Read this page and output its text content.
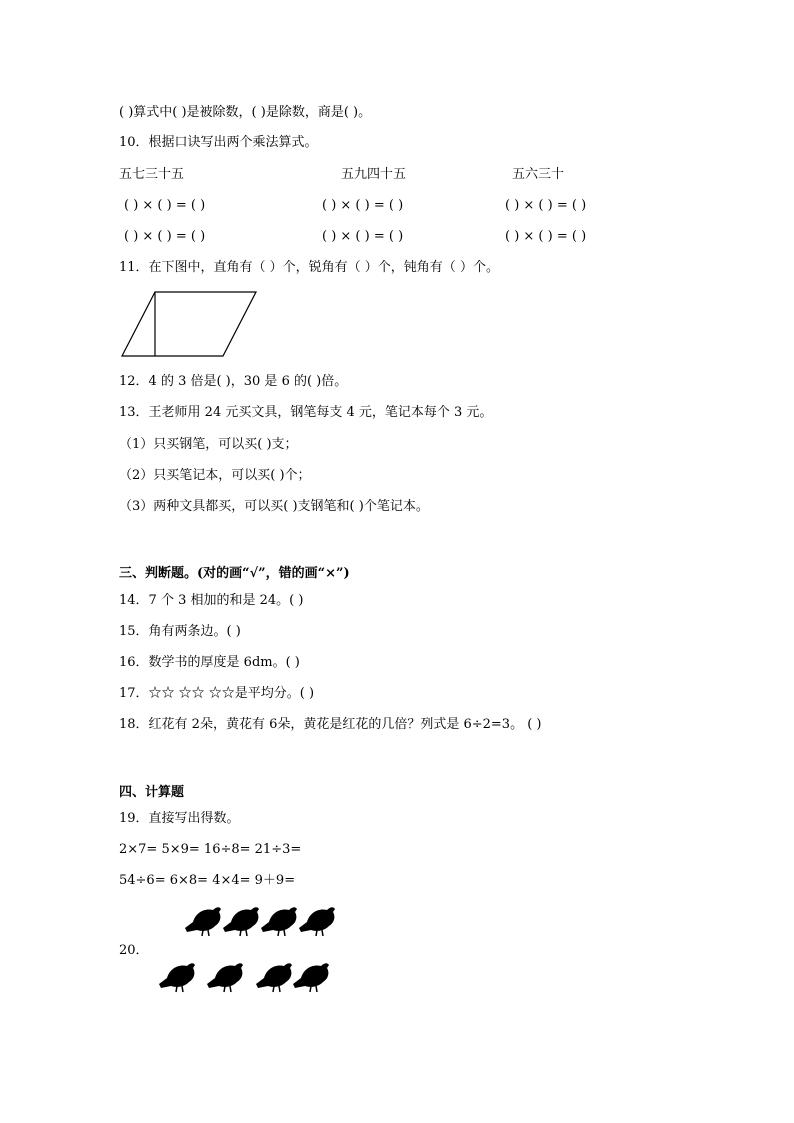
( )算式中( )是被除数，( )是除数，商是( )。
10．根据口诀写出两个乘法算式。
五七三十五	五九四十五	五六三十
( ) × ( ) = ( )	( ) × ( ) = ( )	( ) × ( ) = ( )
( ) × ( ) = ( )	( ) × ( ) = ( )	( ) × ( ) = ( )
11．在下图中，直角有（ ）个，锐角有（ ）个，钝角有（ ）个。
12．4 的 3 倍是( )，30 是 6 的( )倍。
13．王老师用 24 元买文具，钢笔每支 4 元，笔记本每个 3 元。
（1）只买钢笔，可以买( )支；
（2）只买笔记本，可以买( )个；
（3）两种文具都买，可以买( )支钢笔和( )个笔记本。
三、判断题。(对的画“√”，错的画“×”)
14．7 个 3 相加的和是 24。( )
15．角有两条边。( )
16．数学书的厚度是 6dm。( )
17．☆☆ ☆☆ ☆☆是平均分。( )
18．红花有 2朵，黄花有 6朵，黄花是红花的几倍？列式是 6÷2=3。 ( )
四、计算题
19．直接写出得数。
2×7= 5×9= 16÷8= 21÷3=
54÷6= 6×8= 4×4= 9＋9=
20．
